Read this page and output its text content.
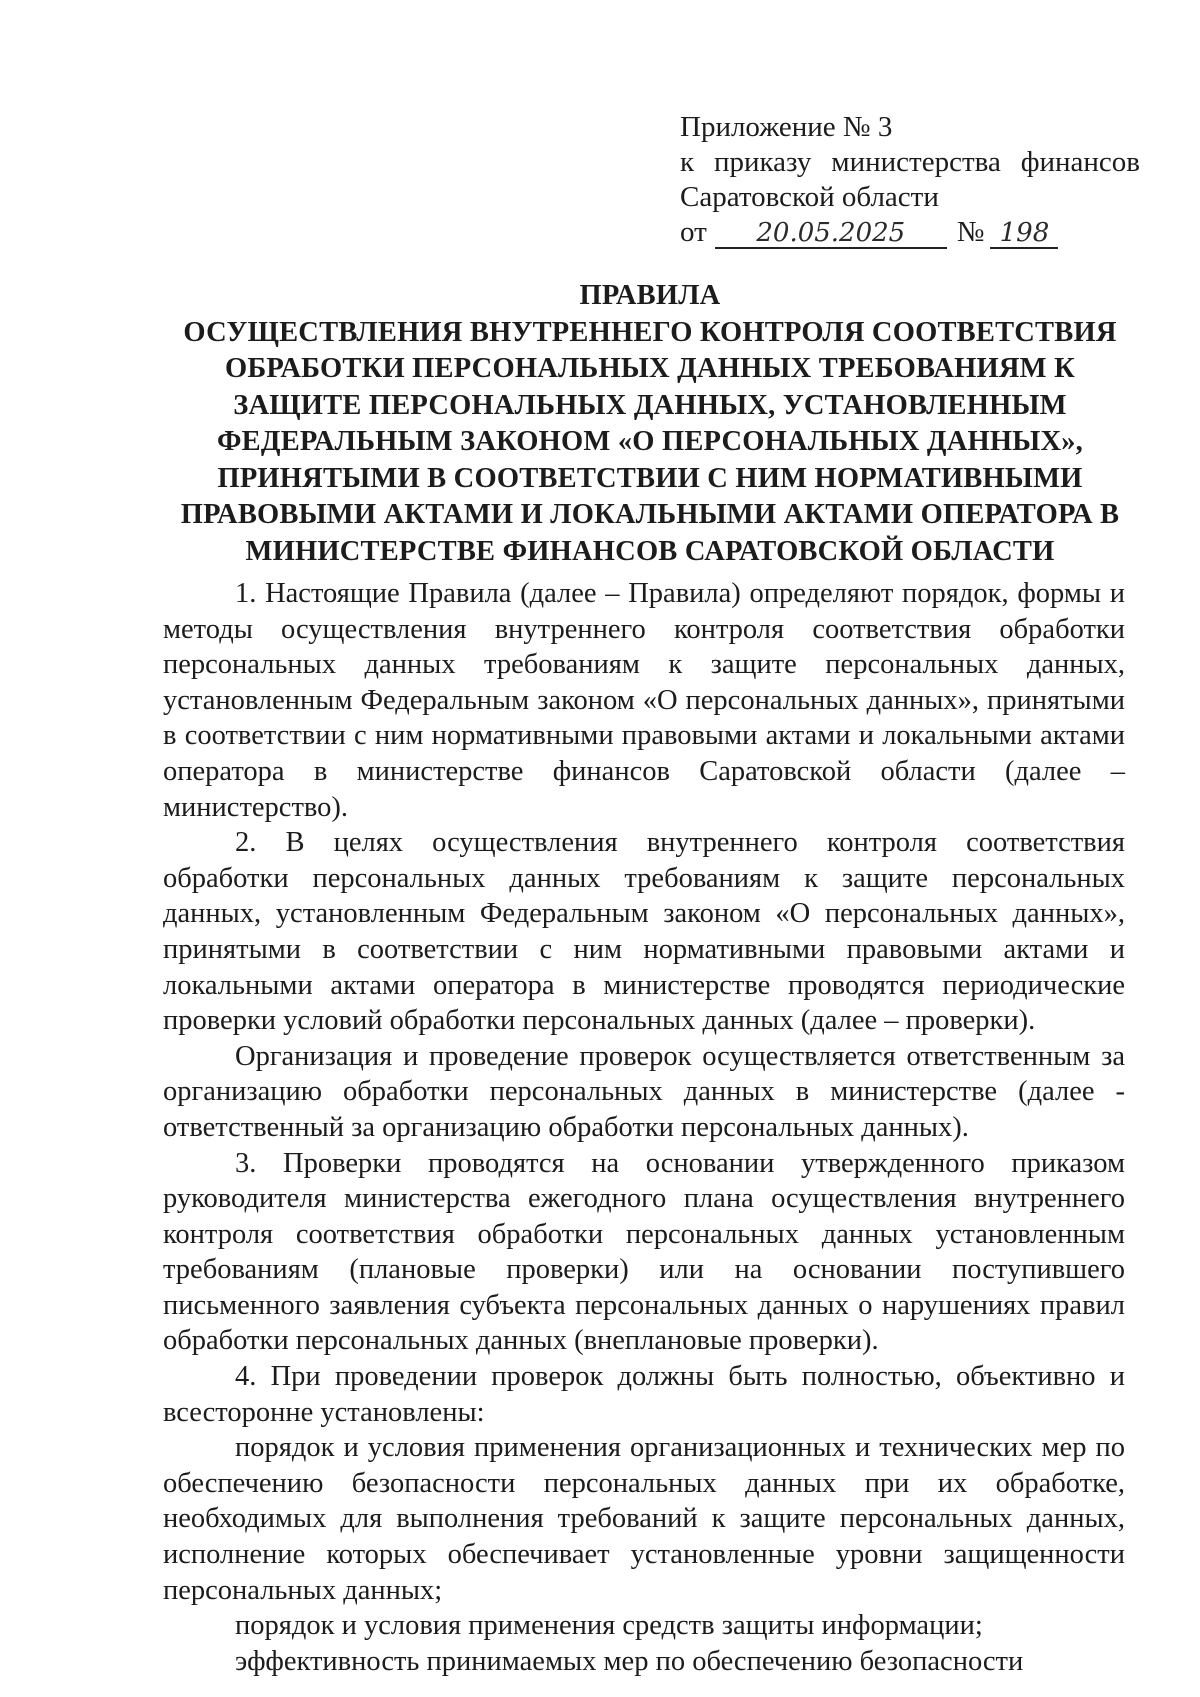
Приложение № 3
к приказу министерства финансов
Саратовской области
от 20.05.2025 № 198
ПРАВИЛА
ОСУЩЕСТВЛЕНИЯ ВНУТРЕННЕГО КОНТРОЛЯ СООТВЕТСТВИЯ
ОБРАБОТКИ ПЕРСОНАЛЬНЫХ ДАННЫХ ТРЕБОВАНИЯМ К
ЗАЩИТЕ ПЕРСОНАЛЬНЫХ ДАННЫХ, УСТАНОВЛЕННЫМ
ФЕДЕРАЛЬНЫМ ЗАКОНОМ «О ПЕРСОНАЛЬНЫХ ДАННЫХ»,
ПРИНЯТЫМИ В СООТВЕТСТВИИ С НИМ НОРМАТИВНЫМИ
ПРАВОВЫМИ АКТАМИ И ЛОКАЛЬНЫМИ АКТАМИ ОПЕРАТОРА В
МИНИСТЕРСТВЕ ФИНАНСОВ САРАТОВСКОЙ ОБЛАСТИ

1. Настоящие Правила (далее – Правила) определяют порядок, формы и методы осуществления внутреннего контроля соответствия обработки персональных данных требованиям к защите персональных данных, установленным Федеральным законом «О персональных данных», принятыми в соответствии с ним нормативными правовыми актами и локальными актами оператора в министерстве финансов Саратовской области (далее – министерство).

2. В целях осуществления внутреннего контроля соответствия обработки персональных данных требованиям к защите персональных данных, установленным Федеральным законом «О персональных данных», принятыми в соответствии с ним нормативными правовыми актами и локальными актами оператора в министерстве проводятся периодические проверки условий обработки персональных данных (далее – проверки).

Организация и проведение проверок осуществляется ответственным за организацию обработки персональных данных в министерстве (далее - ответственный за организацию обработки персональных данных).

3. Проверки проводятся на основании утвержденного приказом руководителя министерства ежегодного плана осуществления внутреннего контроля соответствия обработки персональных данных установленным требованиям (плановые проверки) или на основании поступившего письменного заявления субъекта персональных данных о нарушениях правил обработки персональных данных (внеплановые проверки).

4. При проведении проверок должны быть полностью, объективно и всесторонне установлены:

порядок и условия применения организационных и технических мер по обеспечению безопасности персональных данных при их обработке, необходимых для выполнения требований к защите персональных данных, исполнение которых обеспечивает установленные уровни защищенности персональных данных;

порядок и условия применения средств защиты информации;

эффективность принимаемых мер по обеспечению безопасности
